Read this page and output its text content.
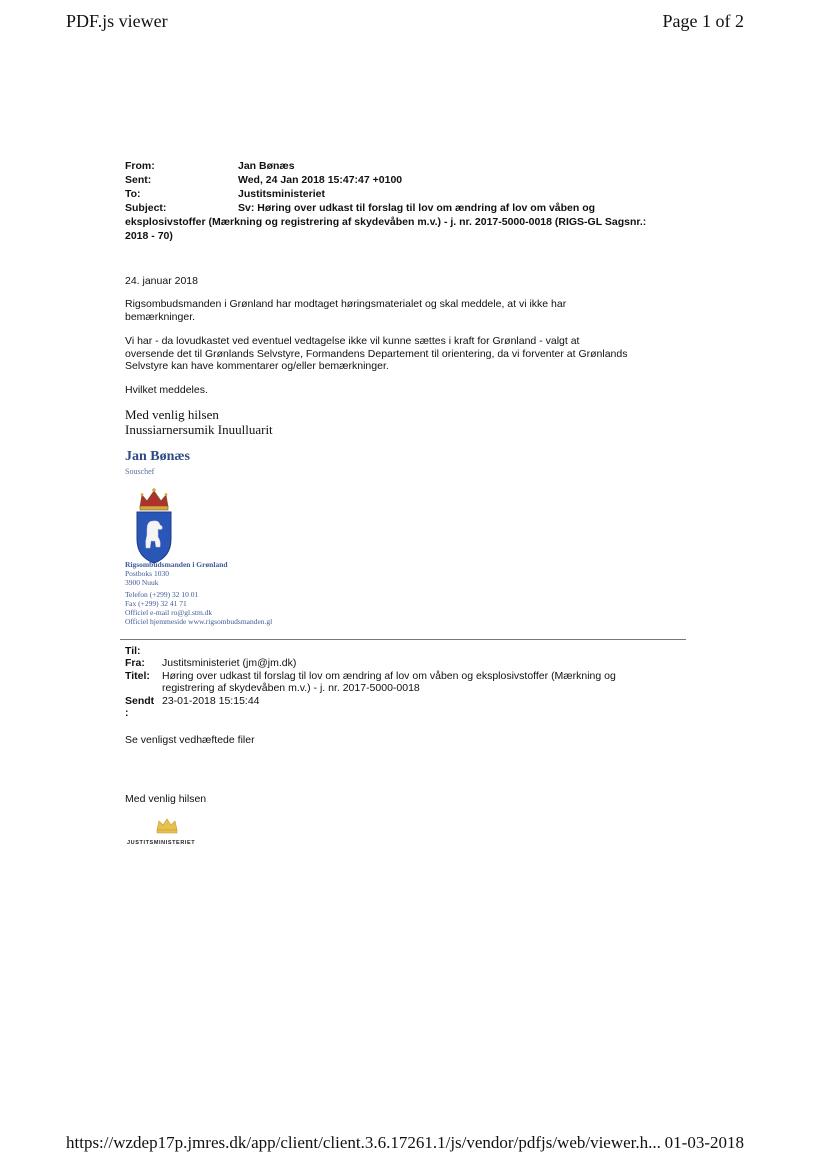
PDF.js viewer	Page 1 of 2
From:	Jan Bønæs
Sent:	Wed, 24 Jan 2018 15:47:47 +0100
To:	Justitsministeriet
Subject:	Sv: Høring over udkast til forslag til lov om ændring af lov om våben og
eksplosivstoffer (Mærkning og registrering af skydevåben m.v.) - j. nr. 2017-5000-0018 (RIGS-GL Sagsnr.:
2018 - 70)
24. januar 2018
Rigsombudsmanden i Grønland har modtaget høringsmaterialet og skal meddele, at vi ikke har
bemærkninger.
Vi har - da lovudkastet ved eventuel vedtagelse ikke vil kunne sættes i kraft for Grønland - valgt at
oversende det til Grønlands Selvstyre, Formandens Departement til orientering, da vi forventer at Grønlands
Selvstyre kan have kommentarer og/eller bemærkninger.
Hvilket meddeles.
Med venlig hilsen
Inussiarnersumik Inuulluarit
Jan Bønæs
Souschef
Rigsombudsmanden i Grønland
Postboks 1030
3900 Nuuk
Telefon (+299) 32 10 01
Fax (+299) 32 41 71
Officiel e-mail ro@gl.stm.dk
Officiel hjemmeside www.rigsombudsmanden.gl
Til:
Fra: Justitsministeriet (jm@jm.dk)
Titel: Høring over udkast til forslag til lov om ændring af lov om våben og eksplosivstoffer (Mærkning og
registrering af skydevåben m.v.) - j. nr. 2017-5000-0018
Sendt 23-01-2018 15:15:44
:
Se venligst vedhæftede filer
Med venlig hilsen
JUSTITSMINISTERIET
https://wzdep17p.jmres.dk/app/client/client.3.6.17261.1/js/vendor/pdfjs/web/viewer.h... 01-03-2018
